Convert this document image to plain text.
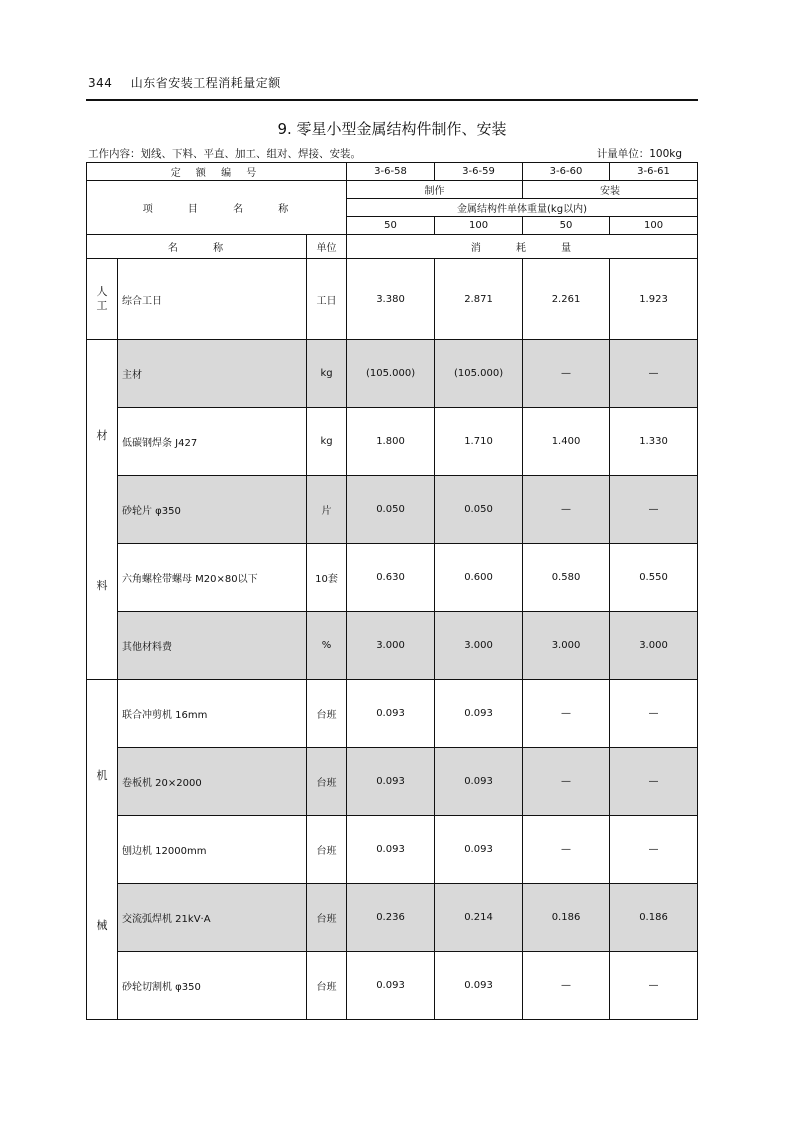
344 山东省安装工程消耗量定额
9. 零星小型金属结构件制作、安装
工作内容：划线、下料、平直、加工、组对、焊接、安装。	计量单位：100kg
定 额 编 号			3-6-58	3-6-59	3-6-60	3-6-61
项 目 名 称			制作		安装	
			金属结构件单体重量(kg以内)			
			50	100	50	100
名 称		单位	消 耗 量			

人工	综合工日	工日	3.380	2.871	2.261	1.923

材
料	主材	kg	(105.000)	(105.000)	—	—
	低碳钢焊条 J427	kg	1.800	1.710	1.400	1.330
	砂轮片 φ350	片	0.050	0.050	—	—
	六角螺栓带螺母 M20×80以下	10套	0.630	0.600	0.580	0.550
	其他材料费	%	3.000	3.000	3.000	3.000

机
械	联合冲剪机 16mm	台班	0.093	0.093	—	—
	卷板机 20×2000	台班	0.093	0.093	—	—
	刨边机 12000mm	台班	0.093	0.093	—	—
	交流弧焊机 21kV·A	台班	0.236	0.214	0.186	0.186
	砂轮切割机 φ350	台班	0.093	0.093	—	—
